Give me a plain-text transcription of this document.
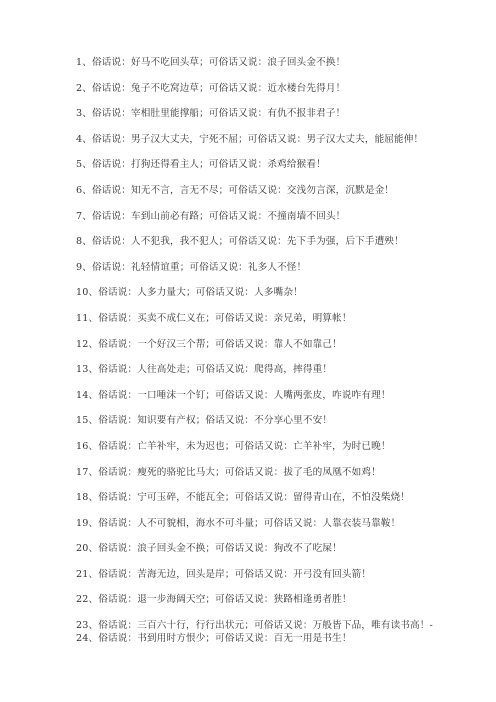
1、俗话说：好马不吃回头草；可俗话又说：浪子回头金不换！
2、俗话说：兔子不吃窝边草；可俗话又说：近水楼台先得月！
3、俗话说：宰相肚里能撑船；可俗话又说：有仇不报非君子！
4、俗话说：男子汉大丈夫，宁死不屈；可俗话又说：男子汉大丈夫，能屈能伸！
5、俗话说：打狗还得看主人；可俗话又说：杀鸡给猴看！
6、俗话说：知无不言，言无不尽；可俗话又说：交浅勿言深，沉默是金！
7、俗话说：车到山前必有路；可俗话又说：不撞南墙不回头！
8、俗话说：人不犯我，我不犯人；可俗话又说：先下手为强，后下手遭殃！
9、俗话说：礼轻情谊重；可俗话又说：礼多人不怪！
10、俗话说：人多力量大；可俗话又说：人多嘴杂！
11、俗话说：买卖不成仁义在；可俗话又说：亲兄弟，明算帐！
12、俗话说：一个好汉三个帮；可俗话又说：靠人不如靠己！
13、俗话说：人往高处走；可俗话又说：爬得高，摔得重！
14、俗话说：一口唾沫一个钉；可俗话又说：人嘴两张皮，咋说咋有理！
15、俗话说：知识要有产权；俗话又说：不分享心里不安！
16、俗话说：亡羊补牢，未为迟也；可俗话又说：亡羊补牢，为时已晚！
17、俗话说：瘦死的骆驼比马大；可俗话又说：拔了毛的凤凰不如鸡！
18、俗话说：宁可玉碎，不能瓦全；可俗话又说：留得青山在，不怕没柴烧！
19、俗话说：人不可貌相，海水不可斗量；可俗话又说：人靠衣装马靠鞍！
20、俗话说：浪子回头金不换；可俗话又说：狗改不了吃屎！
21、俗话说：苦海无边，回头是岸；可俗话又说：开弓没有回头箭！
22、俗话说：退一步海阔天空；可俗话又说：狭路相逢勇者胜！
23、俗话说：三百六十行，行行出状元；可俗话又说：万般皆下品，唯有读书高！-
24、俗话说：书到用时方恨少；可俗话又说：百无一用是书生！
